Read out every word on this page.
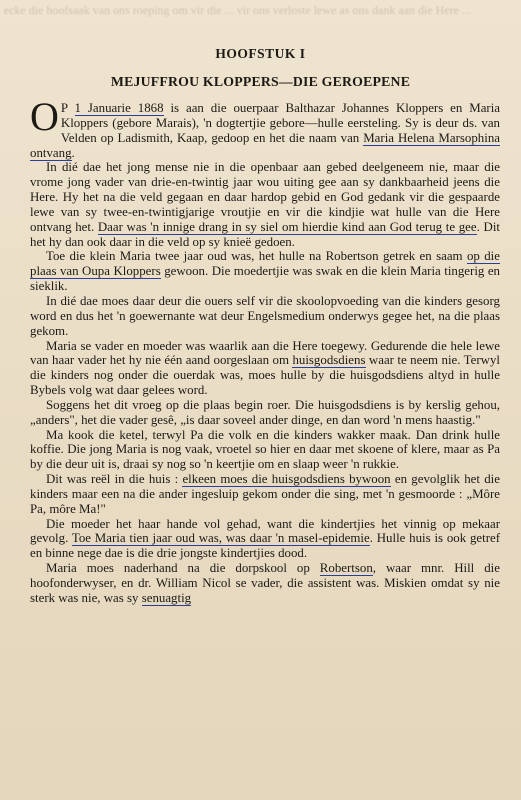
ecke die hoofsaak van ons roeping om vir die ... vir ons verloste lewe as ons dank aan die Here ...
HOOFSTUK I
MEJUFFROU KLOPPERS—DIE GEROEPENE

O P 1 Januarie 1868 is aan die ouerpaar Balthazar Johannes Kloppers en Maria Kloppers (gebore Marais), 'n dogtertjie gebore—hulle eersteling. Sy is deur ds. van Velden op Ladismith, Kaap, gedoop en het die naam van Maria Helena Marsophina ontvang.

In dié dae het jong mense nie in die openbaar aan gebed deelgeneem nie, maar die vrome jong vader van drie-en-twintig jaar wou uiting gee aan sy dankbaarheid jeens die Here. Hy het na die veld gegaan en daar hardop gebid en God gedank vir die gespaarde lewe van sy twee-en-twintigjarige vroutjie en vir die kindjie wat hulle van die Here ontvang het. Daar was 'n innige drang in sy siel om hierdie kind aan God terug te gee. Dit het hy dan ook daar in die veld op sy knieë gedoen.

Toe die klein Maria twee jaar oud was, het hulle na Robertson getrek en saam op die plaas van Oupa Kloppers gewoon. Die moedertjie was swak en die klein Maria tingerig en sieklik.

In dié dae moes daar deur die ouers self vir die skoolopvoeding van die kinders gesorg word en dus het 'n goewernante wat deur Engelsmedium onderwys gegee het, na die plaas gekom.

Maria se vader en moeder was waarlik aan die Here toegewy. Gedurende die hele lewe van haar vader het hy nie één aand oorgeslaan om huisgodsdiens waar te neem nie. Terwyl die kinders nog onder die ouerdak was, moes hulle by die huisgodsdiens altyd in hulle Bybels volg wat daar gelees word.

Soggens het dit vroeg op die plaas begin roer. Die huisgodsdiens is by kerslig gehou, „anders", het die vader gesê, „is daar soveel ander dinge, en dan word 'n mens haastig."

Ma kook die ketel, terwyl Pa die volk en die kinders wakker maak. Dan drink hulle koffie. Die jong Maria is nog vaak, vroetel so hier en daar met skoene of klere, maar as Pa by die deur uit is, draai sy nog so 'n keertjie om en slaap weer 'n rukkie.

Dit was reël in die huis : elkeen moes die huisgodsdiens bywoon en gevolglik het die kinders maar een na die ander ingesluip gekom onder die sing, met 'n gesmoorde : „Môre Pa, môre Ma!"

Die moeder het haar hande vol gehad, want die kindertjies het vinnig op mekaar gevolg. Toe Maria tien jaar oud was, was daar 'n masel-epidemie. Hulle huis is ook getref en binne nege dae is die drie jongste kindertjies dood.

Maria moes naderhand na die dorpskool op Robertson, waar mnr. Hill die hoofonderwyser, en dr. William Nicol se vader, die assistent was. Miskien omdat sy nie sterk was nie, was sy senuagtig
